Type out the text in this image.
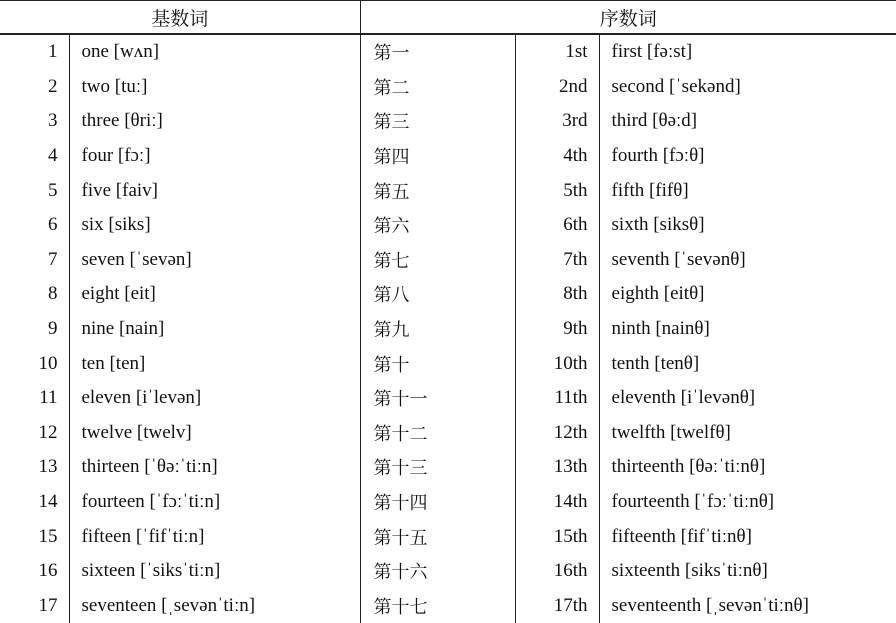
基数词		序数词		
1	one [wʌn]	第一	1st	first [fəːst]
2	two [tuː]	第二	2nd	second [ˈsekənd]
3	three [θriː]	第三	3rd	third [θəːd]
4	four [fɔː]	第四	4th	fourth [fɔːθ]
5	five [faiv]	第五	5th	fifth [fifθ]
6	six [siks]	第六	6th	sixth [siksθ]
7	seven [ˈsevən]	第七	7th	seventh [ˈsevənθ]
8	eight [eit]	第八	8th	eighth [eitθ]
9	nine [nain]	第九	9th	ninth [nainθ]
10	ten [ten]	第十	10th	tenth [tenθ]
11	eleven [iˈlevən]	第十一	11th	eleventh [iˈlevənθ]
12	twelve [twelv]	第十二	12th	twelfth [twelfθ]
13	thirteen [ˈθəːˈtiːn]	第十三	13th	thirteenth [θəːˈtiːnθ]
14	fourteen [ˈfɔːˈtiːn]	第十四	14th	fourteenth [ˈfɔːˈtiːnθ]
15	fifteen [ˈfifˈtiːn]	第十五	15th	fifteenth [fifˈtiːnθ]
16	sixteen [ˈsiksˈtiːn]	第十六	16th	sixteenth [siksˈtiːnθ]
17	seventeen [ˌsevənˈtiːn]	第十七	17th	seventeenth [ˌsevənˈtiːnθ]
